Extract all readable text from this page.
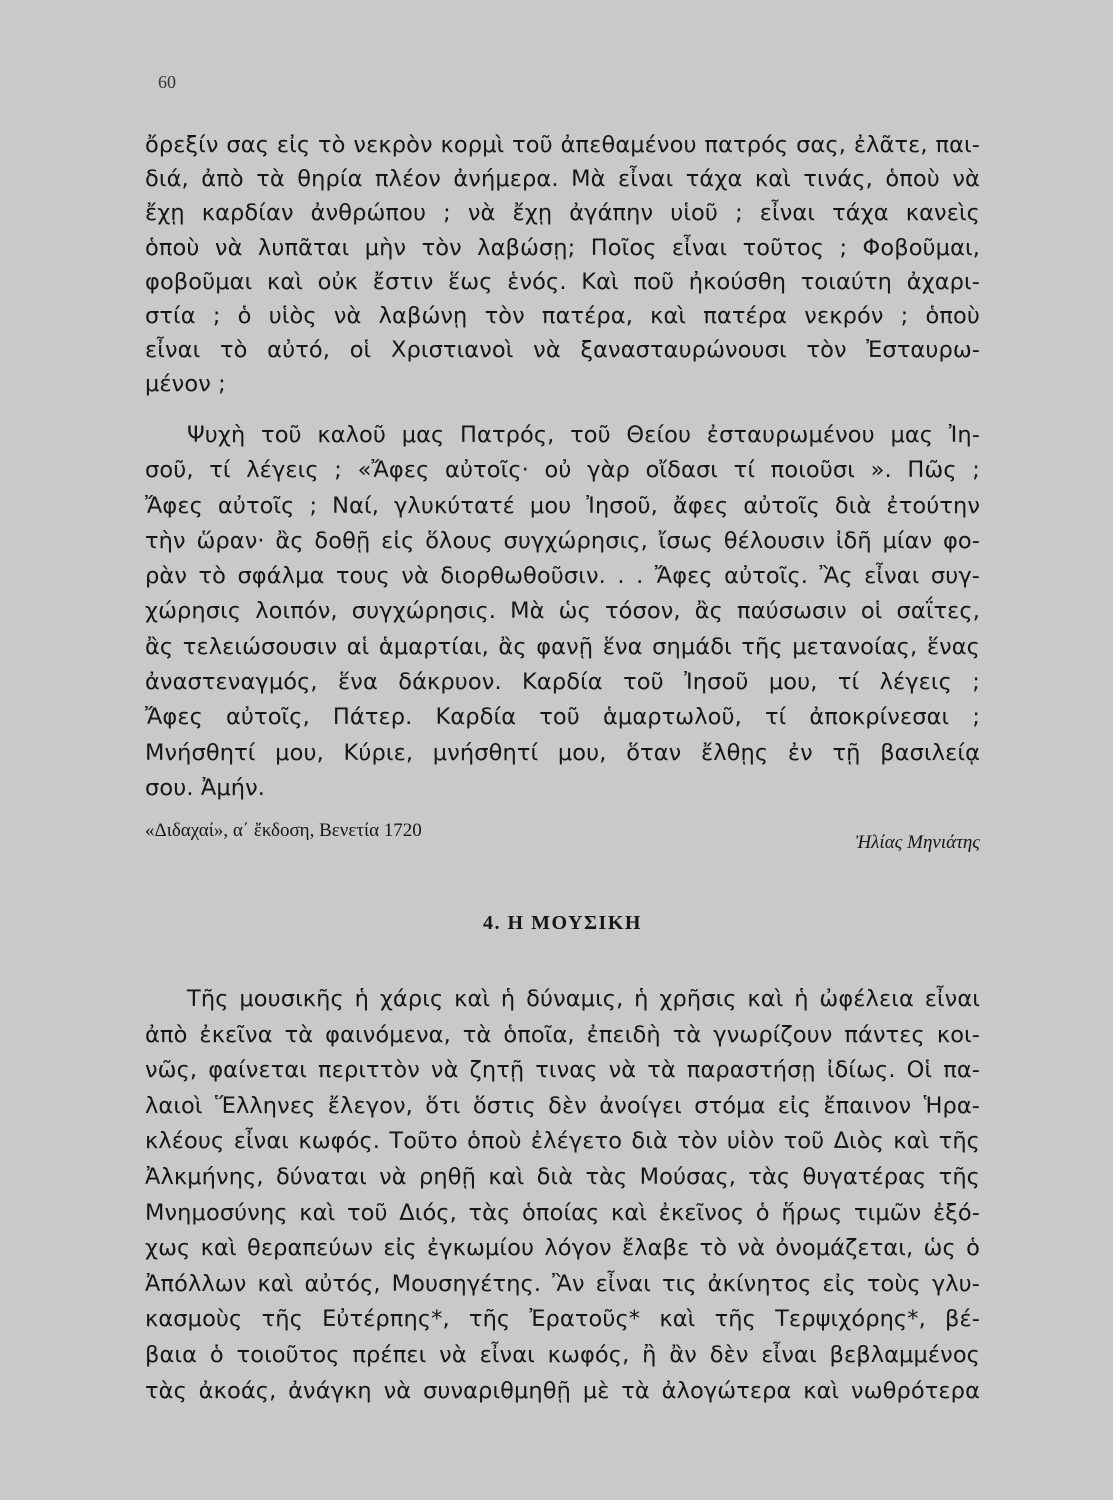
60
ὄρεξίν σας εἰς τὸ νεκρὸν κορμὶ τοῦ ἀπεθαμένου πατρός σας, ἐλᾶτε, παι-
διά, ἀπὸ τὰ θηρία πλέον ἀνήμερα. Μὰ εἶναι τάχα καὶ τινάς, ὁποὺ νὰ
ἔχῃ καρδίαν ἀνθρώπου ; νὰ ἔχῃ ἀγάπην υἱοῦ ; εἶναι τάχα κανεὶς
ὁποὺ νὰ λυπᾶται μὴν τὸν λαβώσῃ; Ποῖος εἶναι τοῦτος ; Φοβοῦμαι,
φοβοῦμαι καὶ οὐκ ἔστιν ἕως ἑνός. Καὶ ποῦ ἠκούσθη τοιαύτη ἀχαρι-
στία ; ὁ υἱὸς νὰ λαβώνῃ τὸν πατέρα, καὶ πατέρα νεκρόν ; ὁποὺ
εἶναι τὸ αὐτό, οἱ Χριστιανοὶ νὰ ξανασταυρώνουσι τὸν Ἐσταυρω-
μένον ;
Ψυχὴ τοῦ καλοῦ μας Πατρός, τοῦ Θείου ἐσταυρωμένου μας Ἰη-
σοῦ, τί λέγεις ; «Ἄφες αὐτοῖς· οὐ γὰρ οἴδασι τί ποιοῦσι ». Πῶς ;
Ἄφες αὐτοῖς ; Ναί, γλυκύτατέ μου Ἰησοῦ, ἄφες αὐτοῖς διὰ ἐτούτην
τὴν ὥραν· ἂς δοθῇ εἰς ὅλους συγχώρησις, ἴσως θέλουσιν ἰδῆ μίαν φο-
ρὰν τὸ σφάλμα τους νὰ διορθωθοῦσιν. . . Ἄφες αὐτοῖς. Ἂς εἶναι συγ-
χώρησις λοιπόν, συγχώρησις. Μὰ ὡς τόσον, ἂς παύσωσιν οἱ σαΐτες,
ἂς τελειώσουσιν αἱ ἁμαρτίαι, ἂς φανῇ ἕνα σημάδι τῆς μετανοίας, ἕνας
ἀναστεναγμός, ἕνα δάκρυον. Καρδία τοῦ Ἰησοῦ μου, τί λέγεις ;
Ἄφες αὐτοῖς, Πάτερ. Καρδία τοῦ ἁμαρτωλοῦ, τί ἀποκρίνεσαι ;
Μνήσθητί μου, Κύριε, μνήσθητί μου, ὅταν ἔλθῃς ἐν τῇ βασιλείᾳ
σου. Ἀμήν.
«Διδαχαί», α΄ ἔκδοση, Βενετία 1720
Ἠλίας Μηνιάτης
4. Η ΜΟΥΣΙΚΗ
Τῆς μουσικῆς ἡ χάρις καὶ ἡ δύναμις, ἡ χρῆσις καὶ ἡ ὠφέλεια εἶναι
ἀπὸ ἐκεῖνα τὰ φαινόμενα, τὰ ὁποῖα, ἐπειδὴ τὰ γνωρίζουν πάντες κοι-
νῶς, φαίνεται περιττὸν νὰ ζητῇ τινας νὰ τὰ παραστήσῃ ἰδίως. Οἱ πα-
λαιοὶ Ἕλληνες ἔλεγον, ὅτι ὅστις δὲν ἀνοίγει στόμα εἰς ἔπαινον Ἡρα-
κλέους εἶναι κωφός. Τοῦτο ὁποὺ ἐλέγετο διὰ τὸν υἱὸν τοῦ Διὸς καὶ τῆς
Ἀλκμήνης, δύναται νὰ ρηθῇ καὶ διὰ τὰς Μούσας, τὰς θυγατέρας τῆς
Μνημοσύνης καὶ τοῦ Διός, τὰς ὁποίας καὶ ἐκεῖνος ὁ ἥρως τιμῶν ἐξό-
χως καὶ θεραπεύων εἰς ἐγκωμίου λόγον ἔλαβε τὸ νὰ ὀνομάζεται, ὡς ὁ
Ἀπόλλων καὶ αὐτός, Μουσηγέτης. Ἂν εἶναι τις ἀκίνητος εἰς τοὺς γλυ-
κασμοὺς τῆς Εὐτέρπης*, τῆς Ἐρατοῦς* καὶ τῆς Τερψιχόρης*, βέ-
βαια ὁ τοιοῦτος πρέπει νὰ εἶναι κωφός, ἢ ἂν δὲν εἶναι βεβλαμμένος
τὰς ἀκοάς, ἀνάγκη νὰ συναριθμηθῇ μὲ τὰ ἀλογώτερα καὶ νωθρότερα
